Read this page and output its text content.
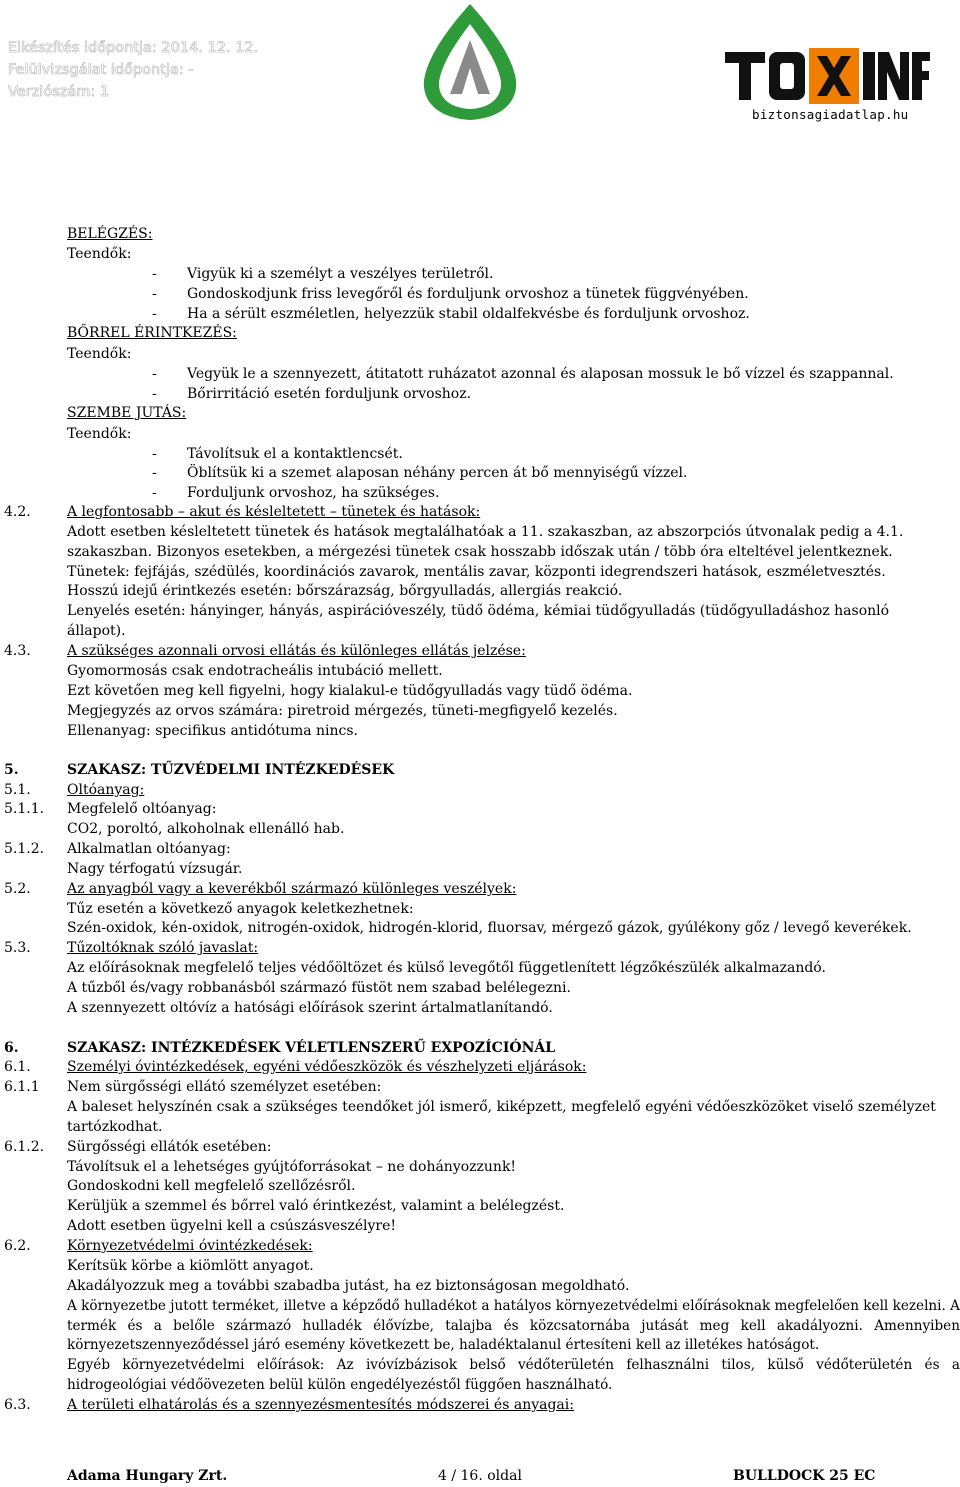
Elkészítés időpontja: 2014. 12. 12.
Felülvizsgálat időpontja: -
Verziószám: 1
biztonsagiadatlap.hu
BELÉGZÉS:
Teendők:
- Vigyük ki a személyt a veszélyes területről.
- Gondoskodjunk friss levegőről és forduljunk orvoshoz a tünetek függvényében.
- Ha a sérült eszméletlen, helyezzük stabil oldalfekvésbe és forduljunk orvoshoz.
BŐRREL ÉRINTKEZÉS:
Teendők:
- Vegyük le a szennyezett, átitatott ruházatot azonnal és alaposan mossuk le bő vízzel és szappannal.
- Bőrirritáció esetén forduljunk orvoshoz.
SZEMBE JUTÁS:
Teendők:
- Távolítsuk el a kontaktlencsét.
- Öblítsük ki a szemet alaposan néhány percen át bő mennyiségű vízzel.
- Forduljunk orvoshoz, ha szükséges.
4.2.	A legfontosabb – akut és késleltetett – tünetek és hatások:
Adott esetben késleltetett tünetek és hatások megtalálhatóak a 11. szakaszban, az abszorpciós útvonalak pedig a 4.1.
szakaszban. Bizonyos esetekben, a mérgezési tünetek csak hosszabb időszak után / több óra elteltével jelentkeznek.
Tünetek: fejfájás, szédülés, koordinációs zavarok, mentális zavar, központi idegrendszeri hatások, eszméletvesztés.
Hosszú idejű érintkezés esetén: bőrszárazság, bőrgyulladás, allergiás reakció.
Lenyelés esetén: hányinger, hányás, aspirációveszély, tüdő ödéma, kémiai tüdőgyulladás (tüdőgyulladáshoz hasonló
állapot).
4.3.	A szükséges azonnali orvosi ellátás és különleges ellátás jelzése:
Gyomormosás csak endotracheális intubáció mellett.
Ezt követően meg kell figyelni, hogy kialakul-e tüdőgyulladás vagy tüdő ödéma.
Megjegyzés az orvos számára: piretroid mérgezés, tüneti-megfigyelő kezelés.
Ellenanyag: specifikus antidótuma nincs.
5.	SZAKASZ: TŰZVÉDELMI INTÉZKEDÉSEK
5.1.	Oltóanyag:
5.1.1. Megfelelő oltóanyag:
CO2, poroltó, alkoholnak ellenálló hab.
5.1.2. Alkalmatlan oltóanyag:
Nagy térfogatú vízsugár.
5.2.	Az anyagból vagy a keverékből származó különleges veszélyek:
Tűz esetén a következő anyagok keletkezhetnek:
Szén-oxidok, kén-oxidok, nitrogén-oxidok, hidrogén-klorid, fluorsav, mérgező gázok, gyúlékony gőz / levegő keverékek.
5.3.	Tűzoltóknak szóló javaslat:
Az előírásoknak megfelelő teljes védőöltözet és külső levegőtől függetlenített légzőkészülék alkalmazandó.
A tűzből és/vagy robbanásból származó füstöt nem szabad belélegezni.
A szennyezett oltóvíz a hatósági előírások szerint ártalmatlanítandó.
6.	SZAKASZ: INTÉZKEDÉSEK VÉLETLENSZERŰ EXPOZÍCIÓNÁL
6.1.	Személyi óvintézkedések, egyéni védőeszközök és vészhelyzeti eljárások:
6.1.1 Nem sürgősségi ellátó személyzet esetében:
A baleset helyszínén csak a szükséges teendőket jól ismerő, kiképzett, megfelelő egyéni védőeszközöket viselő személyzet
tartózkodhat.
6.1.2. Sürgősségi ellátók esetében:
Távolítsuk el a lehetséges gyújtóforrásokat – ne dohányozzunk!
Gondoskodni kell megfelelő szellőzésről.
Kerüljük a szemmel és bőrrel való érintkezést, valamint a belélegzést.
Adott esetben ügyelni kell a csúszásveszélyre!
6.2.	Környezetvédelmi óvintézkedések:
Kerítsük körbe a kiömlött anyagot.
Akadályozzuk meg a további szabadba jutást, ha ez biztonságosan megoldható.
A környezetbe jutott terméket, illetve a képződő hulladékot a hatályos környezetvédelmi előírásoknak megfelelően kell kezelni. A termék és a belőle származó hulladék élővízbe, talajba és közcsatornába jutását meg kell akadályozni. Amennyiben környezetszennyeződéssel járó esemény következett be, haladéktalanul értesíteni kell az illetékes hatóságot.
Egyéb környezetvédelmi előírások: Az ivóvízbázisok belső védőterületén felhasználni tilos, külső védőterületén és a hidrogeológiai védőövezeten belül külön engedélyezéstől függően használható.
6.3.	A területi elhatárolás és a szennyezésmentesítés módszerei és anyagai:
Adama Hungary Zrt.	4 / 16. oldal	BULLDOCK 25 EC
